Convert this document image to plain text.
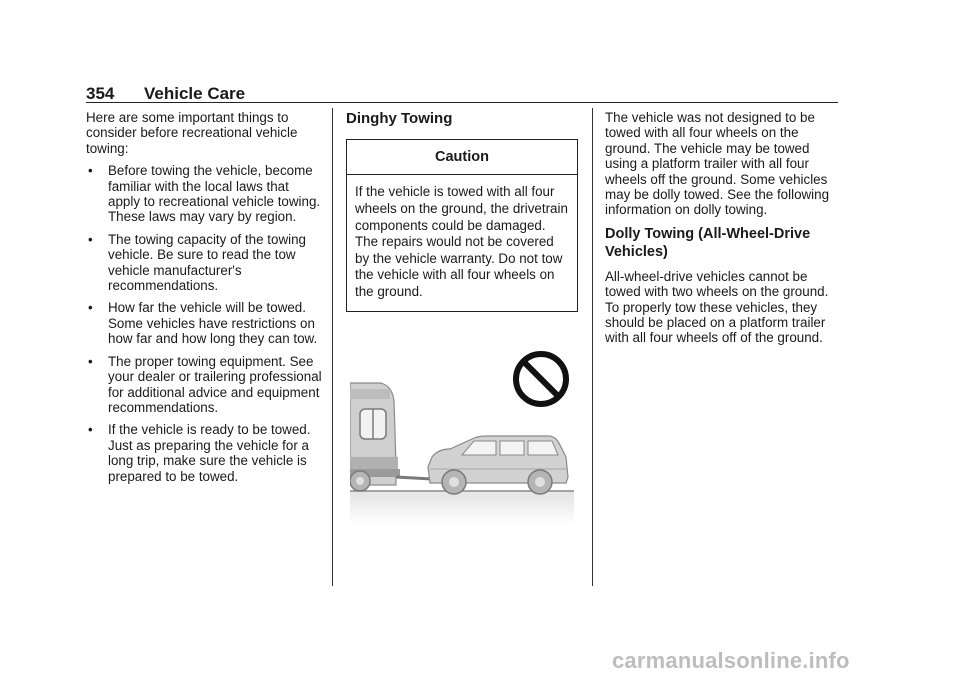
354 Vehicle Care

Here are some important things to consider before recreational vehicle towing:

• Before towing the vehicle, become familiar with the local laws that apply to recreational vehicle towing. These laws may vary by region.
• The towing capacity of the towing vehicle. Be sure to read the tow vehicle manufacturer's recommendations.
• How far the vehicle will be towed. Some vehicles have restrictions on how far and how long they can tow.
• The proper towing equipment. See your dealer or trailering professional for additional advice and equipment recommendations.
• If the vehicle is ready to be towed. Just as preparing the vehicle for a long trip, make sure the vehicle is prepared to be towed.
Dinghy Towing
Caution
If the vehicle is towed with all four wheels on the ground, the drivetrain components could be damaged. The repairs would not be covered by the vehicle warranty. Do not tow the vehicle with all four wheels on the ground.

The vehicle was not designed to be towed with all four wheels on the ground. The vehicle may be towed using a platform trailer with all four wheels off the ground. Some vehicles may be dolly towed. See the following information on dolly towing.

Dolly Towing (All-Wheel-Drive Vehicles)

All-wheel-drive vehicles cannot be towed with two wheels on the ground. To properly tow these vehicles, they should be placed on a platform trailer with all four wheels off of the ground.

carmanualsonline.info
